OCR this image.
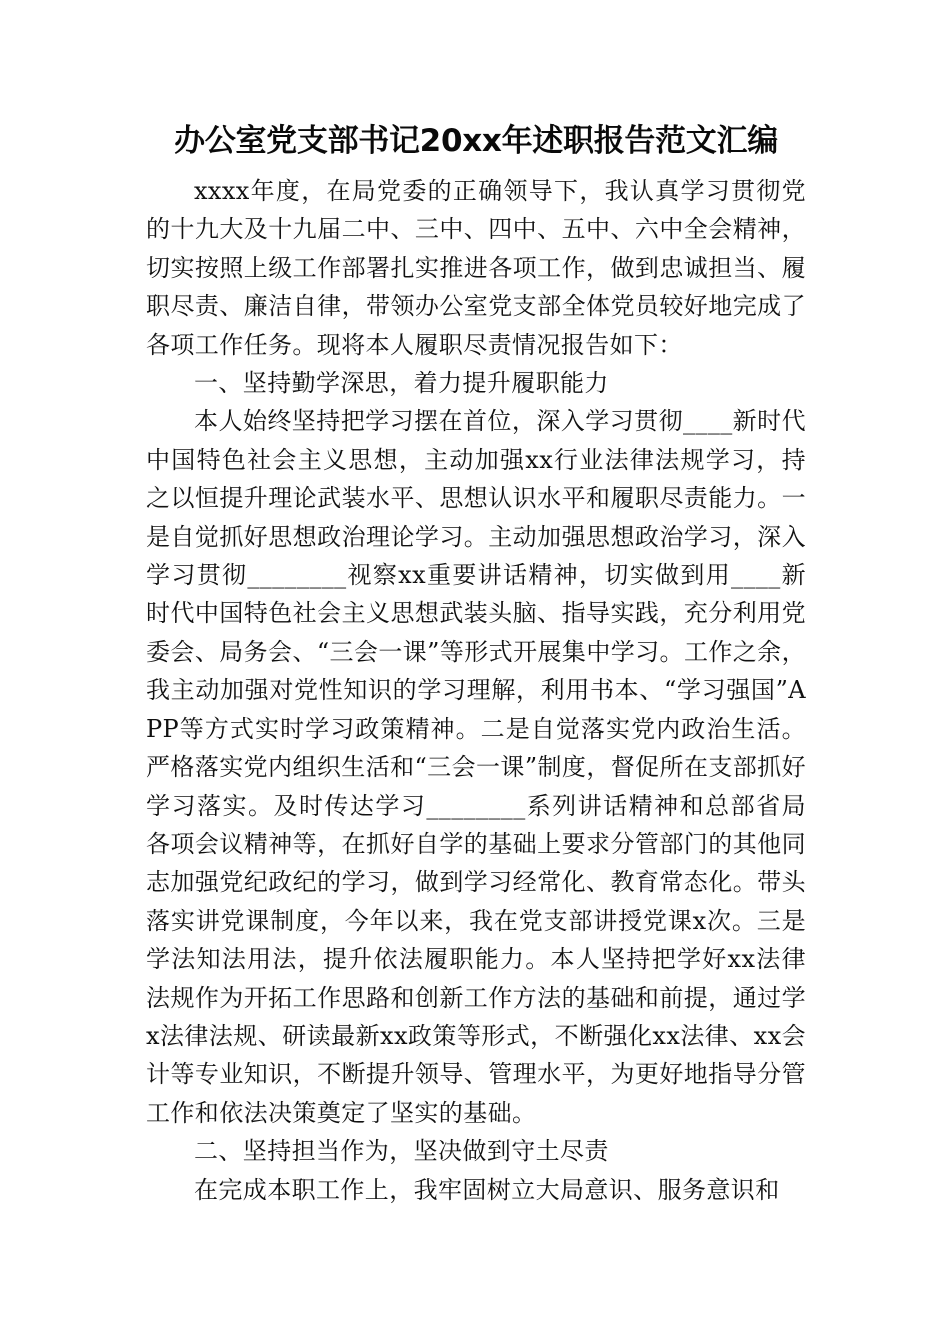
办公室党支部书记20xx年述职报告范文汇编

xxxx年度，在局党委的正确领导下，我认真学习贯彻党的十九大及十九届二中、三中、四中、五中、六中全会精神，切实按照上级工作部署扎实推进各项工作，做到忠诚担当、履职尽责、廉洁自律，带领办公室党支部全体党员较好地完成了各项工作任务。现将本人履职尽责情况报告如下：

一、坚持勤学深思，着力提升履职能力

本人始终坚持把学习摆在首位，深入学习贯彻____新时代中国特色社会主义思想，主动加强xx行业法律法规学习，持之以恒提升理论武装水平、思想认识水平和履职尽责能力。一是自觉抓好思想政治理论学习。主动加强思想政治学习，深入学习贯彻________视察xx重要讲话精神，切实做到用____新时代中国特色社会主义思想武装头脑、指导实践，充分利用党委会、局务会、“三会一课”等形式开展集中学习。工作之余，我主动加强对党性知识的学习理解，利用书本、“学习强国”APP等方式实时学习政策精神。二是自觉落实党内政治生活。严格落实党内组织生活和“三会一课”制度，督促所在支部抓好学习落实。及时传达学习________系列讲话精神和总部省局各项会议精神等，在抓好自学的基础上要求分管部门的其他同志加强党纪政纪的学习，做到学习经常化、教育常态化。带头落实讲党课制度，今年以来，我在党支部讲授党课x次。三是学法知法用法，提升依法履职能力。本人坚持把学好xx法律法规作为开拓工作思路和创新工作方法的基础和前提，通过学x法律法规、研读最新xx政策等形式，不断强化xx法律、xx会计等专业知识，不断提升领导、管理水平，为更好地指导分管工作和依法决策奠定了坚实的基础。

二、坚持担当作为，坚决做到守土尽责

在完成本职工作上，我牢固树立大局意识、服务意识和
